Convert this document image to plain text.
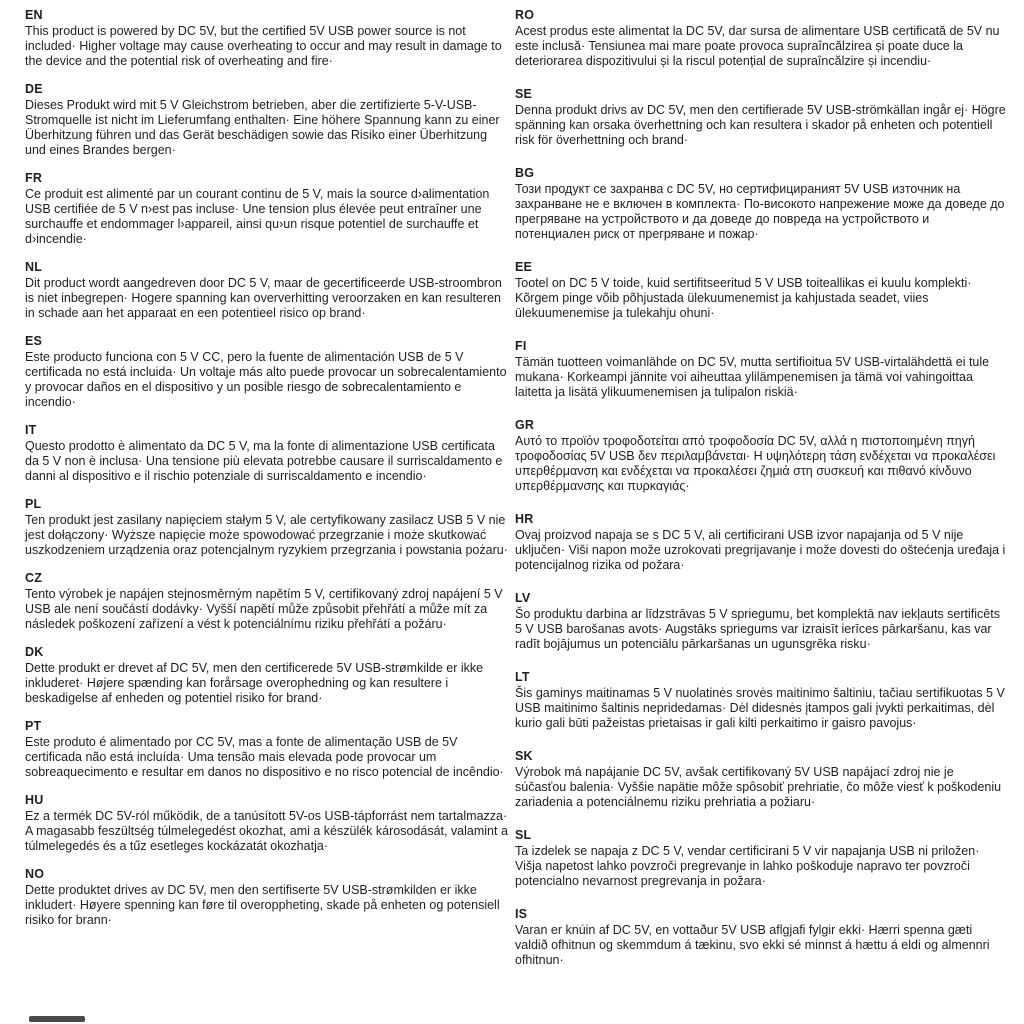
EN

This product is powered by DC 5V, but the certified 5V USB power source is not included· Higher voltage may cause overheating to occur and may result in damage to the device and the potential risk of overheating and fire·

DE

Dieses Produkt wird mit 5 V Gleichstrom betrieben, aber die zertifizierte 5-V-USB-Stromquelle ist nicht im Lieferumfang enthalten· Eine höhere Spannung kann zu einer Überhitzung führen und das Gerät beschädigen sowie das Risiko einer Überhitzung und eines Brandes bergen·

FR

Ce produit est alimenté par un courant continu de 5 V, mais la source d›alimentation USB certifiée de 5 V n›est pas incluse· Une tension plus élevée peut entraîner une surchauffe et endommager l›appareil, ainsi qu›un risque potentiel de surchauffe et d›incendie·

NL

Dit product wordt aangedreven door DC 5 V, maar de gecertificeerde USB-stroombron is niet inbegrepen· Hogere spanning kan oververhitting veroorzaken en kan resulteren in schade aan het apparaat en een potentieel risico op brand·

ES

Este producto funciona con 5 V CC, pero la fuente de alimentación USB de 5 V certificada no está incluida· Un voltaje más alto puede provocar un sobrecalentamiento y provocar daños en el dispositivo y un posible riesgo de sobrecalentamiento e incendio·

IT

Questo prodotto è alimentato da DC 5 V, ma la fonte di alimentazione USB certificata da 5 V non è inclusa· Una tensione più elevata potrebbe causare il surriscaldamento e danni al dispositivo e il rischio potenziale di surriscaldamento e incendio·

PL

Ten produkt jest zasilany napięciem stałym 5 V, ale certyfikowany zasilacz USB 5 V nie jest dołączony· Wyższe napięcie może spowodować przegrzanie i może skutkować uszkodzeniem urządzenia oraz potencjalnym ryzykiem przegrzania i powstania pożaru·

CZ

Tento výrobek je napájen stejnosměrným napětím 5 V, certifikovaný zdroj napájení 5 V USB ale není součástí dodávky· Vyšší napětí může způsobit přehřátí a může mít za následek poškození zařízení a vést k potenciálnímu riziku přehřátí a požáru·

DK

Dette produkt er drevet af DC 5V, men den certificerede 5V USB-strømkilde er ikke inkluderet· Højere spænding kan forårsage overophedning og kan resultere i beskadigelse af enheden og potentiel risiko for brand·

PT

Este produto é alimentado por CC 5V, mas a fonte de alimentação USB de 5V certificada não está incluída· Uma tensão mais elevada pode provocar um sobreaquecimento e resultar em danos no dispositivo e no risco potencial de incêndio·

HU

Ez a termék DC 5V-ról működik, de a tanúsított 5V-os USB-tápforrást nem tartalmazza· A magasabb feszültség túlmelegedést okozhat, ami a készülék károsodását, valamint a túlmelegedés és a tűz esetleges kockázatát okozhatja·

NO

Dette produktet drives av DC 5V, men den sertifiserte 5V USB-strømkilden er ikke inkludert· Høyere spenning kan føre til overoppheting, skade på enheten og potensiell risiko for brann·

RO

Acest produs este alimentat la DC 5V, dar sursa de alimentare USB certificată de 5V nu este inclusă· Tensiunea mai mare poate provoca supraîncălzirea și poate duce la deteriorarea dispozitivului și la riscul potențial de supraîncălzire și incendiu·

SE

Denna produkt drivs av DC 5V, men den certifierade 5V USB-strömkällan ingår ej· Högre spänning kan orsaka överhettning och kan resultera i skador på enheten och potentiell risk för överhettning och brand·

BG

Този продукт се захранва с DC 5V, но сертифицираният 5V USB източник на захранване не е включен в комплекта· По-високото напрежение може да доведе до прегряване на устройството и да доведе до повреда на устройството и потенциален риск от прегряване и пожар·

EE

Tootel on DC 5 V toide, kuid sertifitseeritud 5 V USB toiteallikas ei kuulu komplekti· Kõrgem pinge võib põhjustada ülekuumenemist ja kahjustada seadet, viies ülekuumenemise ja tulekahju ohuni·

FI

Tämän tuotteen voimanlähde on DC 5V, mutta sertifioitua 5V USB-virtalähdettä ei tule mukana· Korkeampi jännite voi aiheuttaa ylilämpenemisen ja tämä voi vahingoittaa laitetta ja lisätä ylikuumenemisen ja tulipalon riskiä·

GR

Αυτό το προϊόν τροφοδοτείται από τροφοδοσία DC 5V, αλλά η πιστοποιημένη πηγή τροφοδοσίας 5V USB δεν περιλαμβάνεται· Η υψηλότερη τάση ενδέχεται να προκαλέσει υπερθέρμανση και ενδέχεται να προκαλέσει ζημιά στη συσκευή και πιθανό κίνδυνο υπερθέρμανσης και πυρκαγιάς·

HR

Ovaj proizvod napaja se s DC 5 V, ali certificirani USB izvor napajanja od 5 V nije uključen· Viši napon može uzrokovati pregrijavanje i može dovesti do oštećenja uređaja i potencijalnog rizika od požara·

LV

Šo produktu darbina ar līdzstrāvas 5 V spriegumu, bet komplektā nav iekļauts sertificēts 5 V USB barošanas avots· Augstāks spriegums var izraisīt ierīces pārkaršanu, kas var radīt bojājumus un potenciālu pārkaršanas un ugunsgrēka risku·

LT

Šis gaminys maitinamas 5 V nuolatinės srovės maitinimo šaltiniu, tačiau sertifikuotas 5 V USB maitinimo šaltinis nepridedamas· Dėl didesnės įtampos gali įvykti perkaitimas, dėl kurio gali būti pažeistas prietaisas ir gali kilti perkaitimo ir gaisro pavojus·

SK

Výrobok má napájanie DC 5V, avšak certifikovaný 5V USB napájací zdroj nie je súčasťou balenia· Vyššie napätie môže spôsobiť prehriatie, čo môže viesť k poškodeniu zariadenia a potenciálnemu riziku prehriatia a požiaru·

SL

Ta izdelek se napaja z DC 5 V, vendar certificirani 5 V vir napajanja USB ni priložen· Višja napetost lahko povzroči pregrevanje in lahko poškoduje napravo ter povzroči potencialno nevarnost pregrevanja in požara·

IS

Varan er knúin af DC 5V, en vottaður 5V USB aflgjafi fylgir ekki· Hærri spenna gæti valdið ofhitnun og skemmdum á tækinu, svo ekki sé minnst á hættu á eldi og almennri ofhitnun·
